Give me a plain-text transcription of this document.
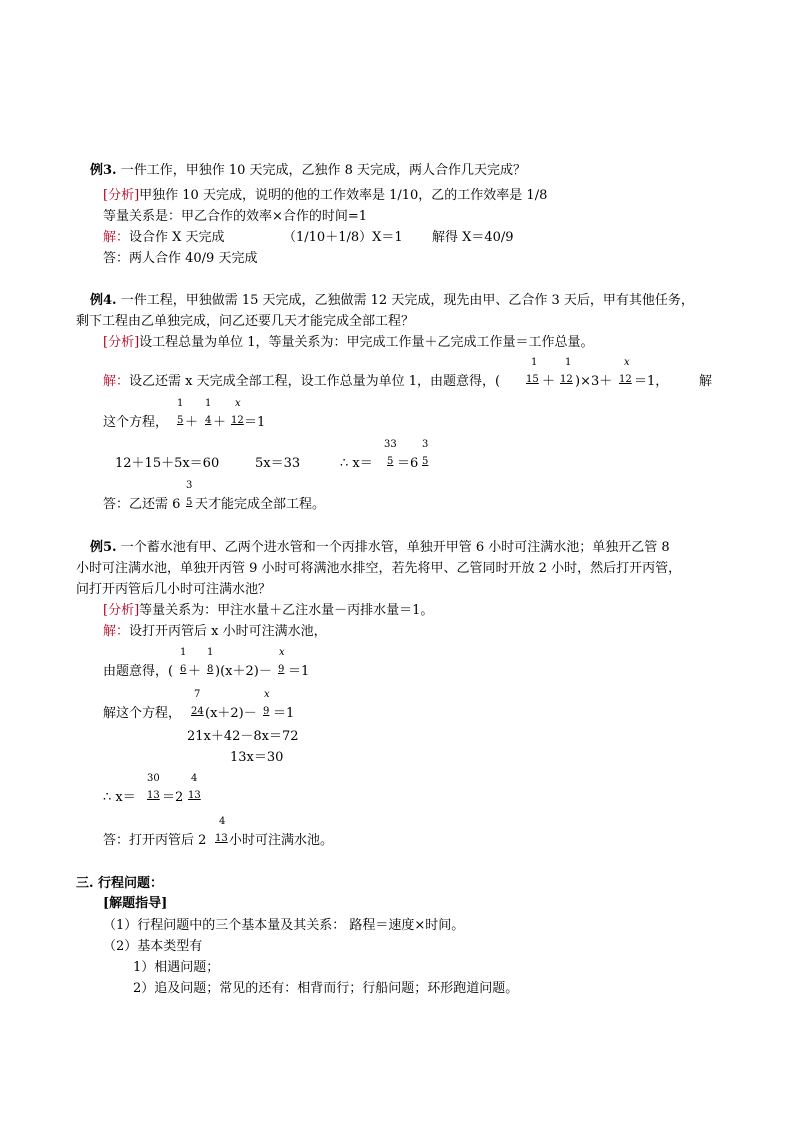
例3. 一件工作，甲独作 10 天完成，乙独作 8 天完成，两人合作几天完成？
[分析]甲独作 10 天完成，说明的他的工作效率是 1/10，乙的工作效率是 1/8
等量关系是：甲乙合作的效率×合作的时间=1
解：设合作 X 天完成	（1/10＋1/8）X＝1 解得 X＝40/9
答：两人合作 40/9 天完成
例4. 一件工程，甲独做需 15 天完成，乙独做需 12 天完成，现先由甲、乙合作 3 天后，甲有其他任务，
剩下工程由乙单独完成，问乙还要几天才能完成全部工程？
[分析]设工程总量为单位 1，等量关系为：甲完成工作量＋乙完成工作量＝工作总量。
解：设乙还需 x 天完成全部工程，设工作总量为单位 1，由题意得，(
1
15 ＋
1
12 )×3＋
x
12 ＝1， 解
这个方程，
1
5 ＋
1
4 ＋
x
12 ＝1
12＋15＋5x＝60	5x＝33	∴ x＝
33
5 ＝6
3
5
答：乙还需 6
3
5 天才能完成全部工程。
例5. 一个蓄水池有甲、乙两个进水管和一个丙排水管，单独开甲管 6 小时可注满水池；单独开乙管 8
小时可注满水池，单独开丙管 9 小时可将满池水排空，若先将甲、乙管同时开放 2 小时，然后打开丙管，
问打开丙管后几小时可注满水池？
[分析]等量关系为：甲注水量＋乙注水量－丙排水量＝1。
解：设打开丙管后 x 小时可注满水池，
由题意得，(
1
6 ＋
1
8 )(x＋2)－
x
9 ＝1
解这个方程，
7
24 (x＋2)－
x
9 ＝1
21x＋42－8x＝72
13x＝30
∴ x＝
30
13 ＝2
4
13
答：打开丙管后 2
4
13 小时可注满水池。
三. 行程问题：
[解题指导]
（1）行程问题中的三个基本量及其关系： 路程＝速度×时间。
（2）基本类型有
1）相遇问题；
2）追及问题；常见的还有：相背而行；行船问题；环形跑道问题。
